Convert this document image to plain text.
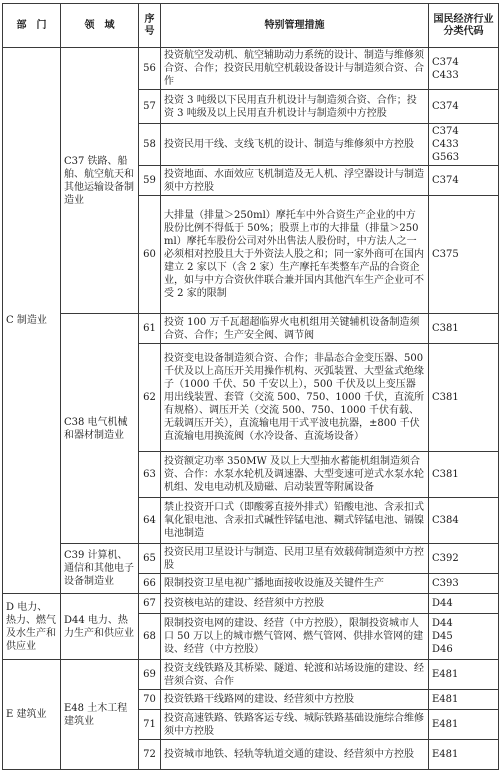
部　门	领　域	序号	特别管理措施	国民经济行业分类代码
C 制造业	C37 铁路、船舶、航空航天和其他运输设备制造业	56	投资航空发动机、航空辅助动力系统的设计、制造与维修须合资、合作；投资民用航空机载设备设计与制造须合资、合作	C374
C433

		57	投资 3 吨级以下民用直升机设计与制造须合资、合作；投资 3 吨级及以上民用直升机设计与制造须中方控股	C374

		58	投资民用干线、支线飞机的设计、制造与维修须中方控股	C374
C433
G563

		59	投资地面、水面效应飞机制造及无人机、浮空器设计与制造须中方控股	C374

		60	大排量（排量＞250ml）摩托车中外合资生产企业的中方股份比例不得低于 50%；股票上市的大排量（排量＞250ml）摩托车股份公司对外出售法人股份时，中方法人之一必须相对控股且大于外资法人股之和；同一家外商可在国内建立 2 家以下（含 2 家）生产摩托车类整车产品的合资企业，如与中方合资伙伴联合兼并国内其他汽车生产企业可不受 2 家的限制	C375

	C38 电气机械和器材制造业	61	投资 100 万千瓦超超临界火电机组用关键辅机设备制造须合资、合作；生产安全阀、调节阀	C381

		62	投资变电设备制造须合资、合作；非晶态合金变压器、500 千伏及以上高压开关用操作机构、灭弧装置、大型盆式绝缘子（1000 千伏、50 千安以上），500 千伏及以上变压器用出线装置、套管（交流 500、750、1000 千伏，直流所有规格）、调压开关（交流 500、750、1000 千伏有载、无载调压开关），直流输电用干式平波电抗器，±800 千伏直流输电用换流阀（水冷设备、直流场设备）	C381

		63	投资额定功率 350MW 及以上大型抽水蓄能机组制造须合资、合作：水泵水轮机及调速器、大型变速可逆式水泵水轮机组、发电电动机及励磁、启动装置等附属设备	C381

		64	禁止投资开口式（即酸雾直接外排式）铅酸电池、含汞扣式氧化银电池、含汞扣式碱性锌锰电池、糊式锌锰电池、镉镍电池制造	C384

	C39 计算机、通信和其他电子设备制造业	65	投资民用卫星设计与制造、民用卫星有效载荷制造须中方控股	C392

		66	限制投资卫星电视广播地面接收设施及关键件生产	C393

D 电力、热力、燃气及水生产和供应业	D44 电力、热力生产和供应业	67	投资核电站的建设、经营须中方控股	D44

		68	限制投资电网的建设、经营（中方控股），限制投资城市人口 50 万以上的城市燃气管网、燃气管网、供排水管网的建设、经营（中方控股）	D44
D45
D46

E 建筑业	E48 土木工程建筑业	69	投资支线铁路及其桥梁、隧道、轮渡和站场设施的建设、经营须合资、合作	E481

		70	投资铁路干线路网的建设、经营须中方控股	E481

		71	投资高速铁路、铁路客运专线、城际铁路基础设施综合维修须中方控股	E481

		72	投资城市地铁、轻轨等轨道交通的建设、经营须中方控股	E481
